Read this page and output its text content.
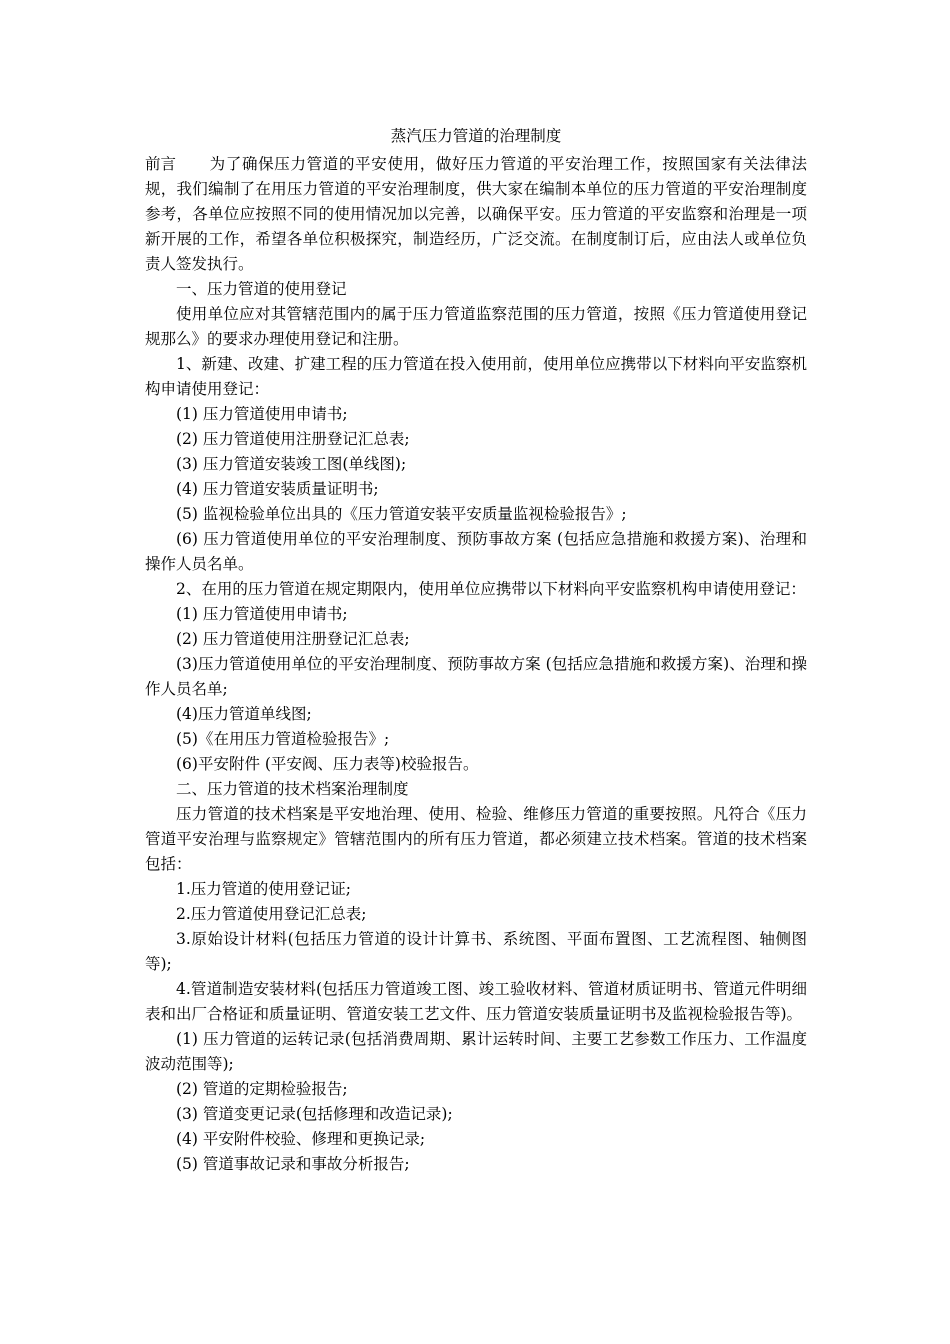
蒸汽压力管道的治理制度

前言 为了确保压力管道的平安使用，做好压力管道的平安治理工作，按照国家有关法律法规，我们编制了在用压力管道的平安治理制度，供大家在编制本单位的压力管道的平安治理制度参考，各单位应按照不同的使用情况加以完善，以确保平安。压力管道的平安监察和治理是一项新开展的工作，希望各单位积极探究，制造经历，广泛交流。在制度制订后，应由法人或单位负责人签发执行。

一、压力管道的使用登记

使用单位应对其管辖范围内的属于压力管道监察范围的压力管道，按照《压力管道使用登记规那么》的要求办理使用登记和注册。

1、新建、改建、扩建工程的压力管道在投入使用前，使用单位应携带以下材料向平安监察机构申请使用登记：

(1) 压力管道使用申请书;

(2) 压力管道使用注册登记汇总表;

(3) 压力管道安装竣工图(单线图);

(4) 压力管道安装质量证明书;

(5) 监视检验单位出具的《压力管道安装平安质量监视检验报告》;

(6) 压力管道使用单位的平安治理制度、预防事故方案 (包括应急措施和救援方案)、治理和操作人员名单。

2、在用的压力管道在规定期限内，使用单位应携带以下材料向平安监察机构申请使用登记：

(1) 压力管道使用申请书;

(2) 压力管道使用注册登记汇总表;

(3)压力管道使用单位的平安治理制度、预防事故方案 (包括应急措施和救援方案)、治理和操作人员名单;

(4)压力管道单线图;

(5)《在用压力管道检验报告》;

(6)平安附件 (平安阀、压力表等)校验报告。

二、压力管道的技术档案治理制度

压力管道的技术档案是平安地治理、使用、检验、维修压力管道的重要按照。凡符合《压力管道平安治理与监察规定》管辖范围内的所有压力管道，都必须建立技术档案。管道的技术档案包括：

1.压力管道的使用登记证;

2.压力管道使用登记汇总表;

3.原始设计材料(包括压力管道的设计计算书、系统图、平面布置图、工艺流程图、轴侧图等);

4.管道制造安装材料(包括压力管道竣工图、竣工验收材料、管道材质证明书、管道元件明细表和出厂合格证和质量证明、管道安装工艺文件、压力管道安装质量证明书及监视检验报告等)。

(1) 压力管道的运转记录(包括消费周期、累计运转时间、主要工艺参数工作压力、工作温度波动范围等);

(2) 管道的定期检验报告;

(3) 管道变更记录(包括修理和改造记录);

(4) 平安附件校验、修理和更换记录;

(5) 管道事故记录和事故分析报告;
